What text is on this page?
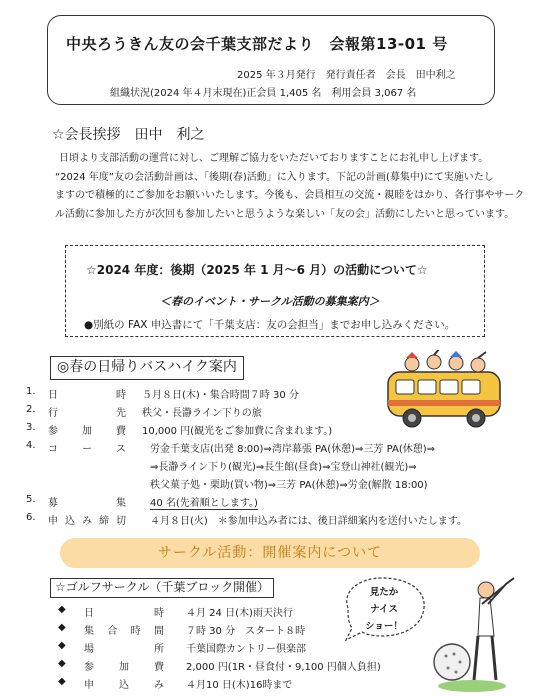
中央ろうきん友の会千葉支部だより　会報第13-01 号
2025 年３月発行　発行責任者　会長　田中利之
組織状況(2024 年４月末現在)正会員 1,405 名　利用会員 3,067 名
☆会長挨拶　田中　利之
日頃より支部活動の運営に対し、ご理解ご協力をいただいておりますことにお礼申し上げます。
“2024 年度”友の会活動計画は、「後期(春)活動」に入ります。下記の計画(募集中)にて実施いたし
ますので積極的にご参加をお願いいたします。今後も、会員相互の交流・親睦をはかり、各行事やサーク
ル活動に参加した方が次回も参加したいと思うような楽しい「友の会」活動にしたいと思っています。
☆2024 年度：後期（2025 年 1 月～6 月）の活動について☆
＜春のイベント・サークル活動の募集案内＞
●別紙の FAX 申込書にて「千葉支店：友の会担当」までお申し込みください。
◎春の日帰りバスハイク案内
1.	日	時 ５月８日(木)・集合時間７時 30 分
2.	行	先 秩父・長瀞ライン下りの旅
3.	参 加 費 10,000 円(観光をご参加費に含まれます。)
4.	コ ー ス 労金千葉支店(出発 8:00)⇒湾岸幕張 PA(休憩)⇒三芳 PA(休憩)⇒
⇒長瀞ライン下り(観光)⇒長生館(昼食)⇒宝登山神社(観光)⇒
秩父菓子処・栗助(買い物)⇒三芳 PA(休憩)⇒労金(解散 18:00)
5.	募	集 40 名(先着順とします。)
6.	申 込 み 締 切 ４月８日(火)　＊参加申込み者には、後日詳細案内を送付いたします。
サークル活動：開催案内について
☆ゴルフサークル（千葉ブロック開催）
◆ 日	時 ４月 24 日(木)雨天決行
◆ 集 合 時 間 ７時 30 分　スタート８時
◆ 場	所 千葉国際カントリー倶楽部
◆ 参	加	費 2,000 円(1R・昼食付・9,100 円個人負担)
◆ 申	込	み ４月10 日(木)16時まで
見たか
ナイス
ショー！
